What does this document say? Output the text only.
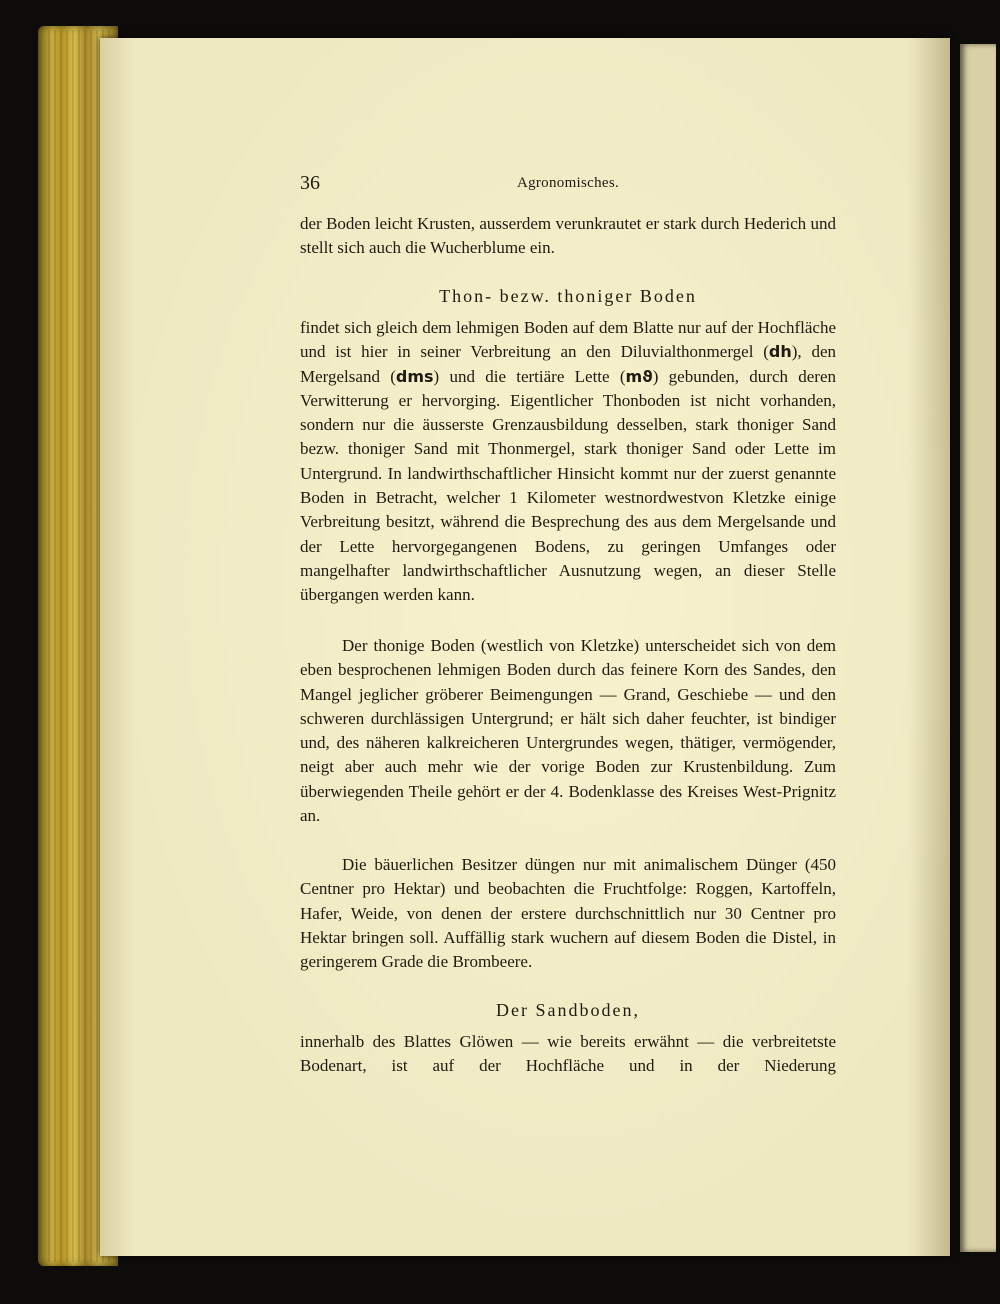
36	Agronomisches.
der Boden leicht Krusten, ausserdem verunkrautet er stark durch Hederich und stellt sich auch die Wucherblume ein.
Thon- bezw. thoniger Boden
findet sich gleich dem lehmigen Boden auf dem Blatte nur auf der Hochfläche und ist hier in seiner Verbreitung an den Diluvialthonmergel (dh), den Mergelsand (dms) und die tertiäre Lette (mϑ) gebunden, durch deren Verwitterung er hervorging. Eigentlicher Thonboden ist nicht vorhanden, sondern nur die äusserste Grenzausbildung desselben, stark thoniger Sand bezw. thoniger Sand mit Thonmergel, stark thoniger Sand oder Lette im Untergrund. In landwirthschaftlicher Hinsicht kommt nur der zuerst genannte Boden in Betracht, welcher 1 Kilometer westnordwestvon Kletzke einige Verbreitung besitzt, während die Besprechung des aus dem Mergelsande und der Lette hervorgegangenen Bodens, zu geringen Umfanges oder mangelhafter landwirthschaftlicher Ausnutzung wegen, an dieser Stelle übergangen werden kann.
Der thonige Boden (westlich von Kletzke) unterscheidet sich von dem eben besprochenen lehmigen Boden durch das feinere Korn des Sandes, den Mangel jeglicher gröberer Beimengungen — Grand, Geschiebe — und den schweren durchlässigen Untergrund; er hält sich daher feuchter, ist bindiger und, des näheren kalkreicheren Untergrundes wegen, thätiger, vermögender, neigt aber auch mehr wie der vorige Boden zur Krustenbildung. Zum überwiegenden Theile gehört er der 4. Bodenklasse des Kreises West-Prignitz an.
Die bäuerlichen Besitzer düngen nur mit animalischem Dünger (450 Centner pro Hektar) und beobachten die Fruchtfolge: Roggen, Kartoffeln, Hafer, Weide, von denen der erstere durchschnittlich nur 30 Centner pro Hektar bringen soll. Auffällig stark wuchern auf diesem Boden die Distel, in geringerem Grade die Brombeere.
Der Sandboden,
innerhalb des Blattes Glöwen — wie bereits erwähnt — die verbreitetste Bodenart, ist auf der Hochfläche und in der Niederung
